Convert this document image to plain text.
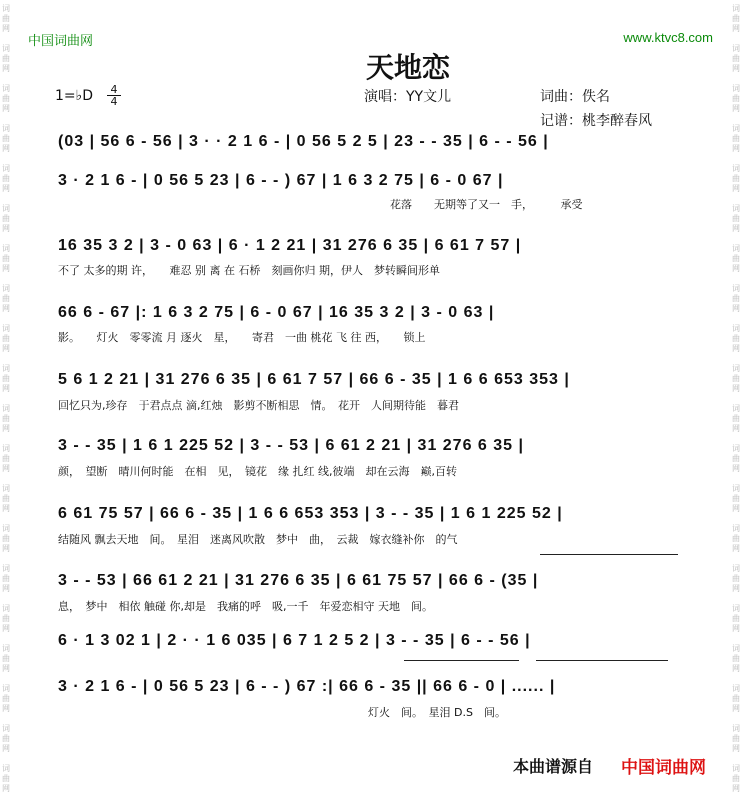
词
曲
网
词
曲
网
词
曲
网
词
曲
网
词
曲
网
词
曲
网
词
曲
网
词
曲
网
词
曲
网
词
曲
网
词
曲
网
词
曲
网
词
曲
网
词
曲
网
词
曲
网
词
曲
网
词
曲
网
词
曲
网
词
曲
网
词
曲
网
词
曲
网
词
曲
网
词
曲
网
词
曲
网
词
曲
网
词
曲
网
词
曲
网
词
曲
网
词
曲
网
词
曲
网
词
曲
网
词
曲
网
词
曲
网
词
曲
网
词
曲
网
词
曲
网
词
曲
网
词
曲
网
词
曲
网
词
曲
网
中国词曲网	www.ktvc8.com
天地恋
1=♭D	4
4	演唱：YY文儿	词曲：佚名
记谱：桃李醉春风
(03 | 56 6 - 56 | 3 · · 2 1 6 - | 0 56 5 2 5 | 23 - - 35 | 6 - - 56 |
3 · 2 1 6 - | 0 56 5 23 | 6 - - ) 67 | 1 6 3 2 75 | 6 - 0 67 |
花落　　无期等了又一　手，　　　承受
16 35 3 2 | 3 - 0 63 | 6 · 1 2 21 | 31 276 6 35 | 6 61 7 57 |
不了 太多的期 许，　　难忍 别 离 在 石桥　刻画你归 期，伊人　梦转瞬间形单
66 6 - 67 |: 1 6 3 2 75 | 6 - 0 67 | 16 35 3 2 | 3 - 0 63 |
影。　　灯火　零零流 月 逐火　星，　　寄君　一曲 桃花 飞 往 西，　　锁上
5 6 1 2 21 | 31 276 6 35 | 6 61 7 57 | 66 6 - 35 | 1 6 6 653 353 |
回忆只为,珍存　于君点点 滴,红烛　影剪不断相思　情。　花开　人间期待能　暮君
3 - - 35 | 1 6 1 225 52 | 3 - - 53 | 6 61 2 21 | 31 276 6 35 |
颜，　望断　晴川何时能　在相　见，　镜花　缘 扎红 线,彼端　却在云海　巅,百转
6 61 75 57 | 66 6 - 35 | 1 6 6 653 353 | 3 - - 35 | 1 6 1 225 52 |
结随风 飘去天地　间。　星泪　迷离风吹散　梦中　曲，　云裁　嫁衣缝补你　的气
3 - - 53 | 66 61 2 21 | 31 276 6 35 | 6 61 75 57 | 66 6 - (35 |
息，　梦中　相依 触碰 你,却是　我痛的呼　吸,一千　年爱恋相守 天地　间。
6 · 1 3 02 1 | 2 · · 1 6 035 | 6 7 1 2 5 2 | 3 - - 35 | 6 - - 56 |
3 · 2 1 6 - | 0 56 5 23 | 6 - - ) 67 :| 66 6 - 35 || 66 6 - 0 | ...... |
灯火　间。　星泪 D.S　间。
本曲谱源自 中国词曲网
